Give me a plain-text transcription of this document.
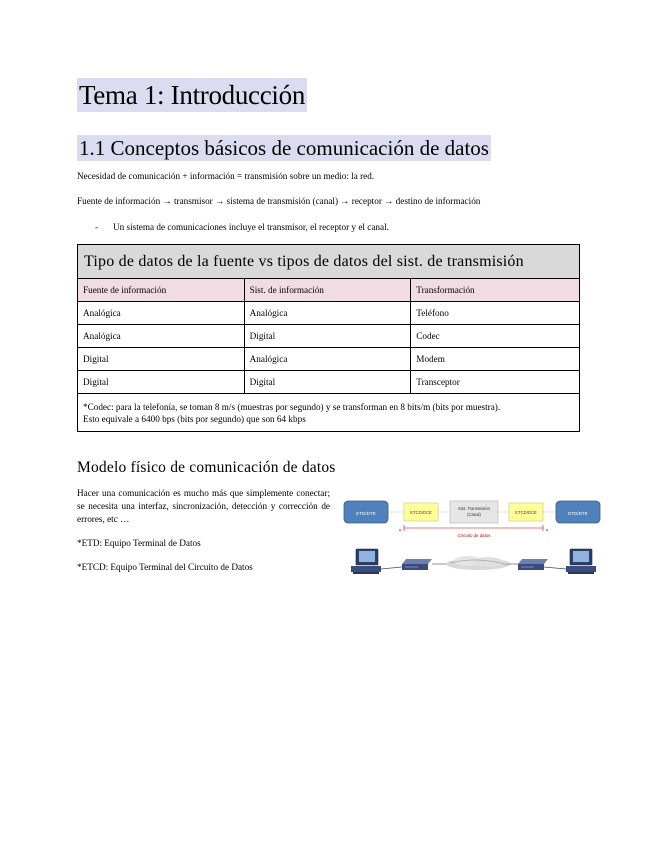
Tema 1: Introducción
1.1 Conceptos básicos de comunicación de datos
Necesidad de comunicación + información = transmisión sobre un medio: la red.
Fuente de información → transmisor → sistema de transmisión (canal) → receptor → destino de información
- Un sistema de comunicaciones incluye el transmisor, el receptor y el canal.
Tipo de datos de la fuente vs tipos de datos del sist. de transmisión		
Fuente de información	Sist. de información	Transformación
Analógica	Analógica	Teléfono
Analógica	Digital	Codec
Digital	Analógica	Modem
Digital	Digital	Transceptor

*Codec: para la telefonía, se toman 8 m/s (muestras por segundo) y se transforman en 8 bits/m (bits por muestra).
Esto equivale a 6400 bps (bits por segundo) que son 64 kbps		
Modelo físico de comunicación de datos
Hacer una comunicación es mucho más que simplemente conectar; se necesita una interfaz, sincronización, detección y corrección de errores, etc …
*ETD: Equipo Terminal de Datos
*ETCD: Equipo Terminal del Circuito de Datos
ETD/DTE	ETCD/DCE
Sist. Transmisión
(Canal)	ETCD/DCE	ETD/DTE
Circuito de datos
